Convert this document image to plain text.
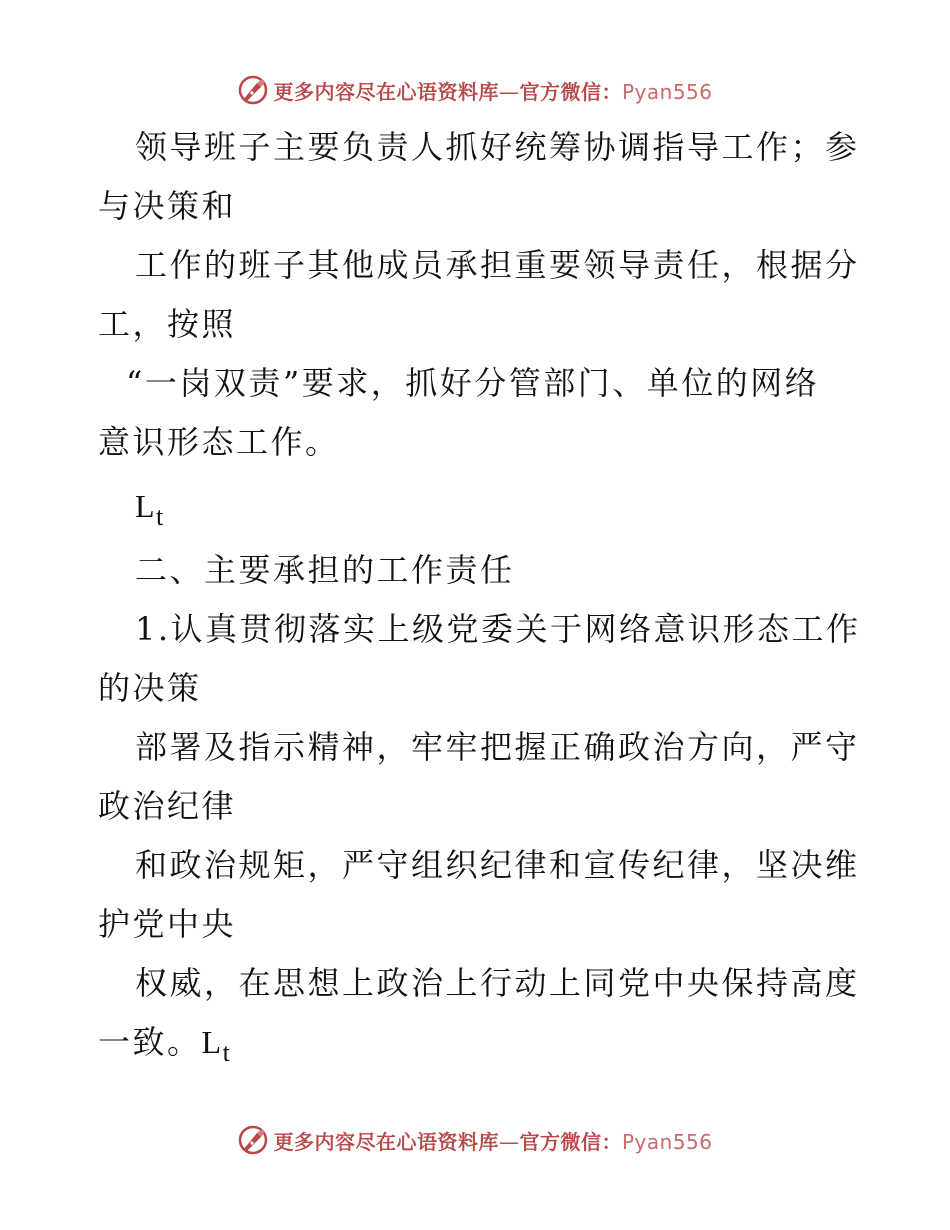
更多内容尽在心语资料库—官方微信：Pyan556
领导班子主要负责人抓好统筹协调指导工作；参
与决策和
工作的班子其他成员承担重要领导责任，根据分
工，按照
“一岗双责”要求，抓好分管部门、单位的网络
意识形态工作。
$L_t$
二、主要承担的工作责任
1.认真贯彻落实上级党委关于网络意识形态工作
的决策
部署及指示精神，牢牢把握正确政治方向，严守
政治纪律
和政治规矩，严守组织纪律和宣传纪律，坚决维
护党中央
权威，在思想上政治上行动上同党中央保持高度
一致。$L_t$
更多内容尽在心语资料库—官方微信：Pyan556
